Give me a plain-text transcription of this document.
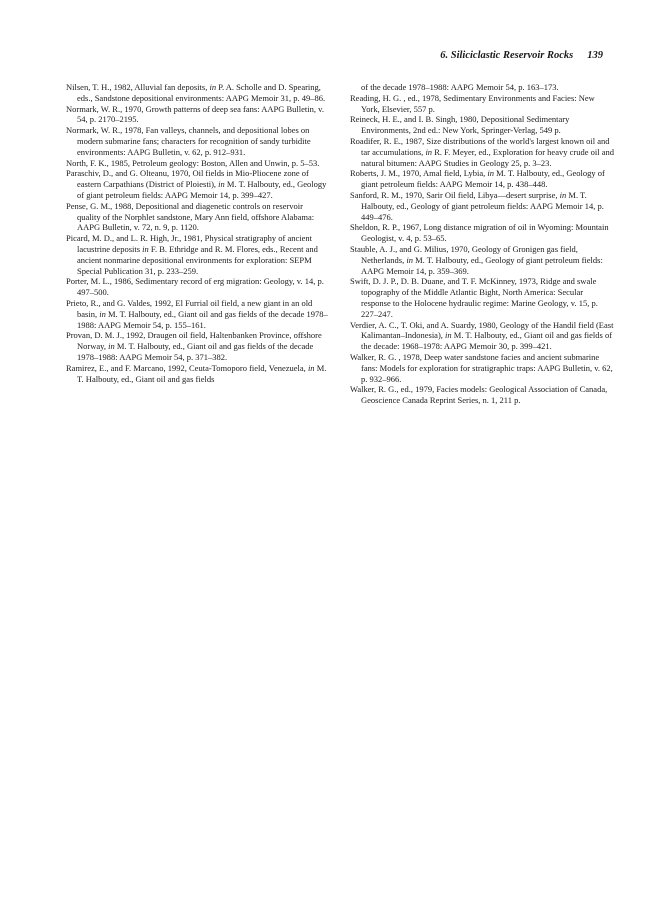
6. Siliciclastic Reservoir Rocks 139

Nilsen, T. H., 1982, Alluvial fan deposits, in P. A. Scholle and D. Spearing, eds., Sandstone depositional environments: AAPG Memoir 31, p. 49–86.

Normark, W. R., 1970, Growth patterns of deep sea fans: AAPG Bulletin, v. 54, p. 2170–2195.

Normark, W. R., 1978, Fan valleys, channels, and depositional lobes on modern submarine fans; characters for recognition of sandy turbidite environments: AAPG Bulletin, v. 62, p. 912–931.

North, F. K., 1985, Petroleum geology: Boston, Allen and Unwin, p. 5–53.

Paraschiv, D., and G. Olteanu, 1970, Oil fields in Mio-Pliocene zone of eastern Carpathians (District of Ploiesti), in M. T. Halbouty, ed., Geology of giant petroleum fields: AAPG Memoir 14, p. 399–427.

Pense, G. M., 1988, Depositional and diagenetic controls on reservoir quality of the Norphlet sandstone, Mary Ann field, offshore Alabama: AAPG Bulletin, v. 72, n. 9, p. 1120.

Picard, M. D., and L. R. High, Jr., 1981, Physical stratigraphy of ancient lacustrine deposits in F. B. Ethridge and R. M. Flores, eds., Recent and ancient nonmarine depositional environments for exploration: SEPM Special Publication 31, p. 233–259.

Porter, M. L., 1986, Sedimentary record of erg migration: Geology, v. 14, p. 497–500.

Prieto, R., and G. Valdes, 1992, El Furrial oil field, a new giant in an old basin, in M. T. Halbouty, ed., Giant oil and gas fields of the decade 1978–1988: AAPG Memoir 54, p. 155–161.

Provan, D. M. J., 1992, Draugen oil field, Haltenbanken Province, offshore Norway, in M. T. Halbouty, ed., Giant oil and gas fields of the decade 1978–1988: AAPG Memoir 54, p. 371–382.

Ramirez, E., and F. Marcano, 1992, Ceuta-Tomoporo field, Venezuela, in M. T. Halbouty, ed., Giant oil and gas fields

of the decade 1978–1988: AAPG Memoir 54, p. 163–173.

Reading, H. G. , ed., 1978, Sedimentary Environments and Facies: New York, Elsevier, 557 p.

Reineck, H. E., and I. B. Singh, 1980, Depositional Sedimentary Environments, 2nd ed.: New York, Springer-Verlag, 549 p.

Roadifer, R. E., 1987, Size distributions of the world's largest known oil and tar accumulations, in R. F. Meyer, ed., Exploration for heavy crude oil and natural bitumen: AAPG Studies in Geology 25, p. 3–23.

Roberts, J. M., 1970, Amal field, Lybia, in M. T. Halbouty, ed., Geology of giant petroleum fields: AAPG Memoir 14, p. 438–448.

Sanford, R. M., 1970, Sarir Oil field, Libya—desert surprise, in M. T. Halbouty, ed., Geology of giant petroleum fields: AAPG Memoir 14, p. 449–476.

Sheldon, R. P., 1967, Long distance migration of oil in Wyoming: Mountain Geologist, v. 4, p. 53–65.

Stauble, A. J., and G. Milius, 1970, Geology of Gronigen gas field, Netherlands, in M. T. Halbouty, ed., Geology of giant petroleum fields: AAPG Memoir 14, p. 359–369.

Swift, D. J. P., D. B. Duane, and T. F. McKinney, 1973, Ridge and swale topography of the Middle Atlantic Bight, North America: Secular response to the Holocene hydraulic regime: Marine Geology, v. 15, p. 227–247.

Verdier, A. C., T. Oki, and A. Suardy, 1980, Geology of the Handil field (East Kalimantan–Indonesia), in M. T. Halbouty, ed., Giant oil and gas fields of the decade: 1968–1978: AAPG Memoir 30, p. 399–421.

Walker, R. G. , 1978, Deep water sandstone facies and ancient submarine fans: Models for exploration for stratigraphic traps: AAPG Bulletin, v. 62, p. 932–966.

Walker, R. G., ed., 1979, Facies models: Geological Association of Canada, Geoscience Canada Reprint Series, n. 1, 211 p.
